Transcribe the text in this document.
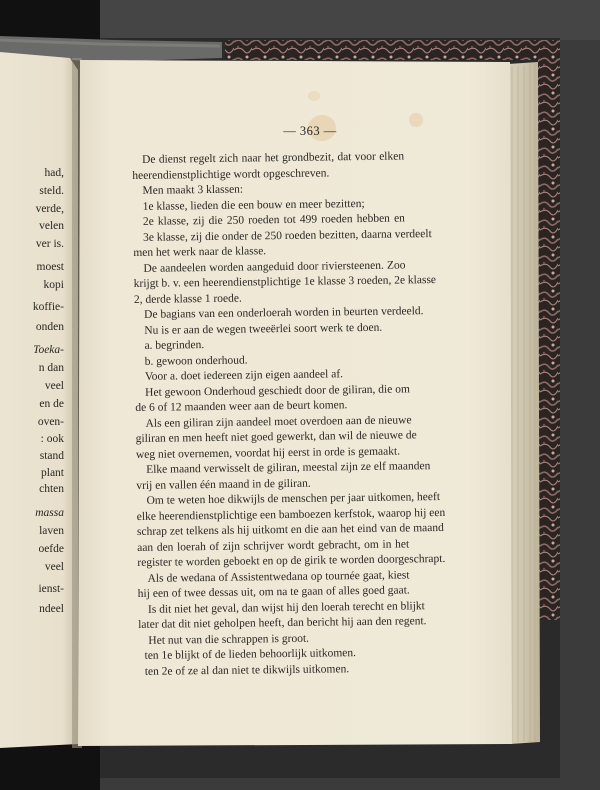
had,
steld.
verde,
velen
ver is.
moest
kopi
koffie-
onden
Toeka-
n dan
veel
en de
oven-
: ook
stand
plant
chten
massa
laven
oefde
veel
ienst-
ndeel
— 363 —
De dienst regelt zich naar het grondbezit, dat voor elken
heerendienstplichtige wordt opgeschreven.
Men maakt 3 klassen:
1e klasse, lieden die een bouw en meer bezitten;
2e klasse, zij die 250 roeden tot 499 roeden hebben en
3e klasse, zij die onder de 250 roeden bezitten, daarna verdeelt
men het werk naar de klasse.
De aandeelen worden aangeduid door riviersteenen. Zoo
krijgt b. v. een heerendienstplichtige 1e klasse 3 roeden, 2e klasse
2, derde klasse 1 roede.
De bagians van een onderloerah worden in beurten verdeeld.
Nu is er aan de wegen tweeërlei soort werk te doen.
a. begrinden.
b. gewoon onderhoud.
Voor a. doet iedereen zijn eigen aandeel af.
Het gewoon Onderhoud geschiedt door de giliran, die om
de 6 of 12 maanden weer aan de beurt komen.
Als een giliran zijn aandeel moet overdoen aan de nieuwe
giliran en men heeft niet goed gewerkt, dan wil de nieuwe de
weg niet overnemen, voordat hij eerst in orde is gemaakt.
Elke maand verwisselt de giliran, meestal zijn ze elf maanden
vrij en vallen één maand in de giliran.
Om te weten hoe dikwijls de menschen per jaar uitkomen, heeft
elke heerendienstplichtige een bamboezen kerfstok, waarop hij een
schrap zet telkens als hij uitkomt en die aan het eind van de maand
aan den loerah of zijn schrijver wordt gebracht, om in het
register te worden geboekt en op de girik te worden doorgeschrapt.
Als de wedana of Assistentwedana op tournée gaat, kiest
hij een of twee dessas uit, om na te gaan of alles goed gaat.
Is dit niet het geval, dan wijst hij den loerah terecht en blijkt
later dat dit niet geholpen heeft, dan bericht hij aan den regent.
Het nut van die schrappen is groot.
ten 1e blijkt of de lieden behoorlijk uitkomen.
ten 2e of ze al dan niet te dikwijls uitkomen.
